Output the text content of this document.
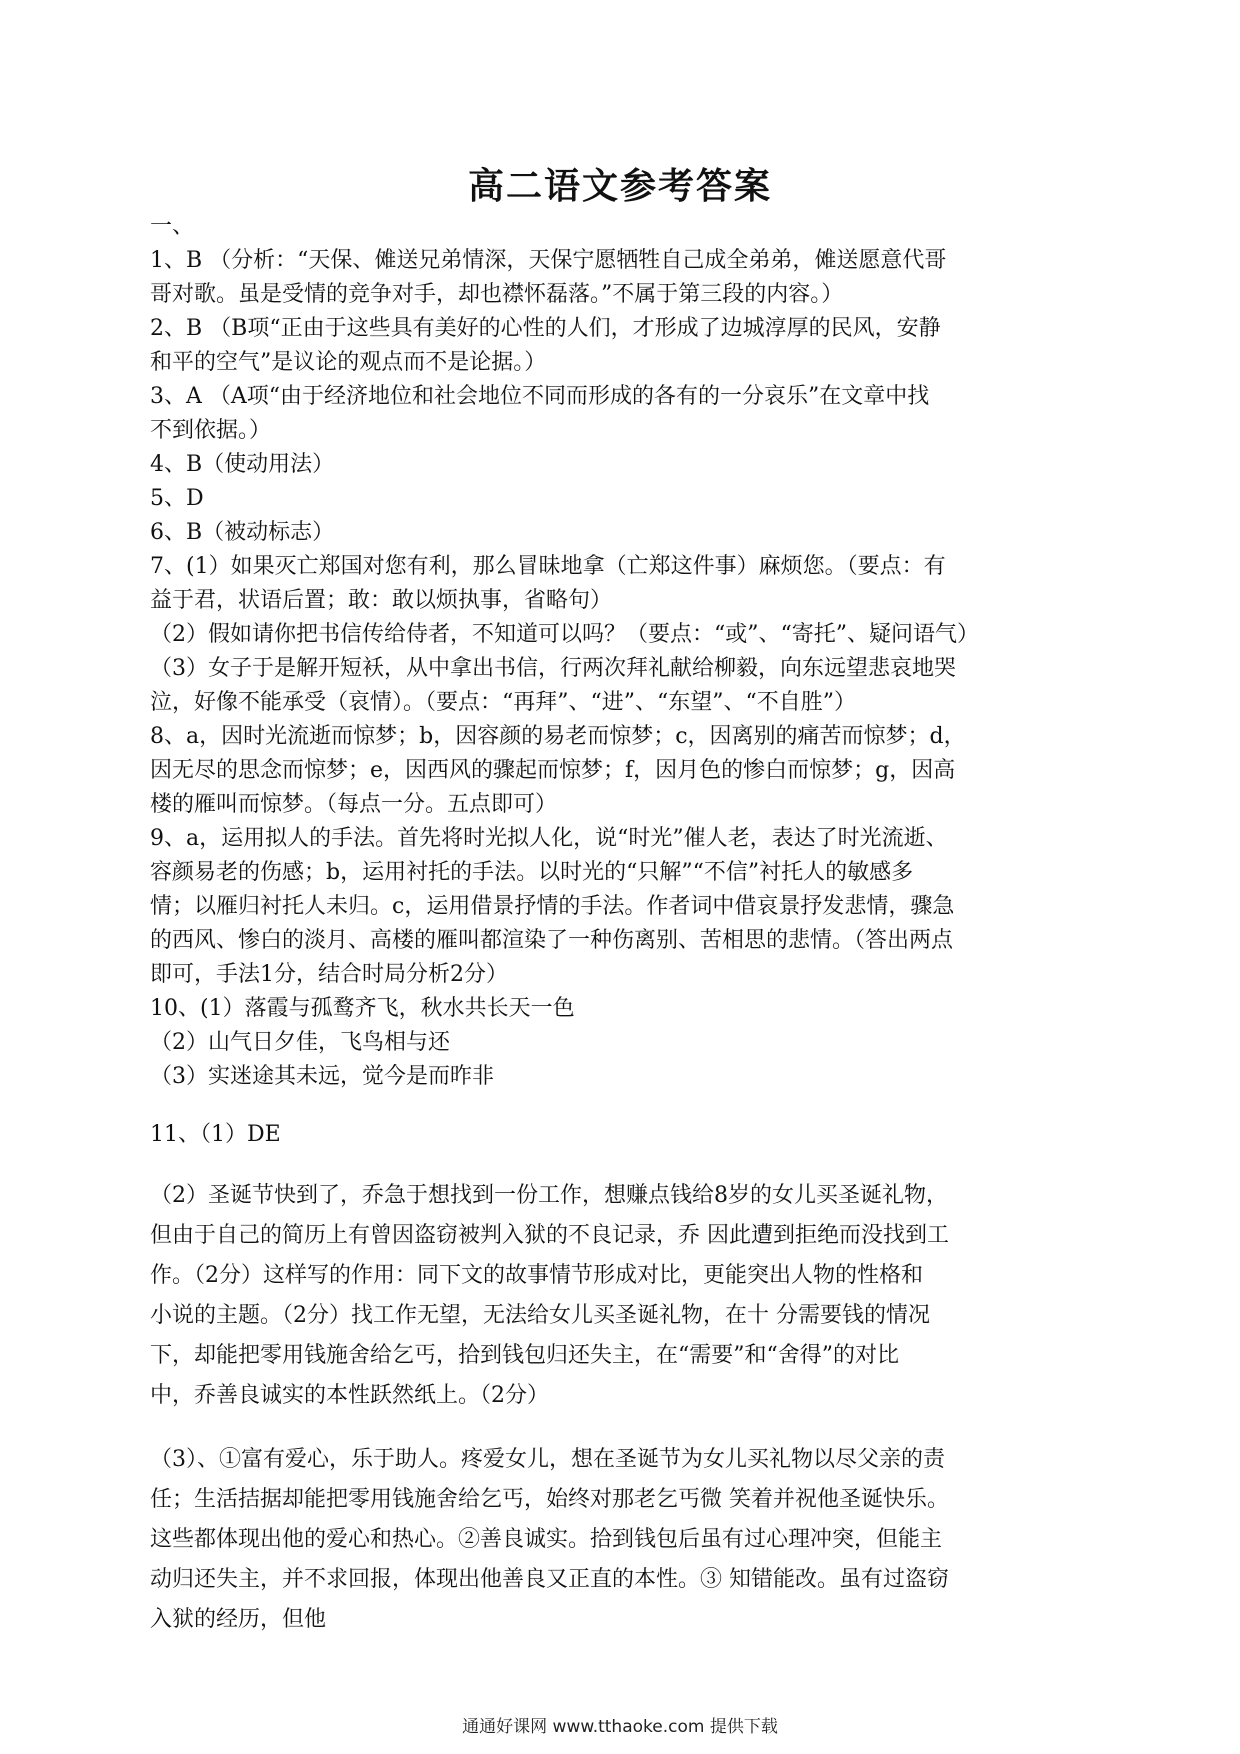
高二语文参考答案

一、

1、B （分析：“天保、傩送兄弟情深，天保宁愿牺牲自己成全弟弟，傩送愿意代哥

哥对歌。虽是受情的竞争对手，却也襟怀磊落。”不属于第三段的内容。）

2、B （B项“正由于这些具有美好的心性的人们，才形成了边城淳厚的民风，安静

和平的空气”是议论的观点而不是论据。）

3、A （A项“由于经济地位和社会地位不同而形成的各有的一分哀乐”在文章中找

不到依据。）

4、B（使动用法）

5、D

6、B（被动标志）

7、(1）如果灭亡郑国对您有利，那么冒昧地拿（亡郑这件事）麻烦您。（要点：有

益于君，状语后置；敢：敢以烦执事，省略句）

（2）假如请你把书信传给侍者，不知道可以吗？（要点：“或”、“寄托”、疑问语气）

（3）女子于是解开短袄，从中拿出书信，行两次拜礼献给柳毅，向东远望悲哀地哭

泣，好像不能承受（哀情）。（要点：“再拜”、“进”、“东望”、“不自胜”）

8、a，因时光流逝而惊梦；b，因容颜的易老而惊梦；c，因离别的痛苦而惊梦；d，

因无尽的思念而惊梦；e，因西风的骤起而惊梦；f，因月色的惨白而惊梦；g，因高

楼的雁叫而惊梦。（每点一分。五点即可）

9、a，运用拟人的手法。首先将时光拟人化，说“时光”催人老，表达了时光流逝、

容颜易老的伤感；b，运用衬托的手法。以时光的“只解”“不信”衬托人的敏感多

情；以雁归衬托人未归。c，运用借景抒情的手法。作者词中借哀景抒发悲情，骤急

的西风、惨白的淡月、高楼的雁叫都渲染了一种伤离别、苦相思的悲情。（答出两点

即可，手法1分，结合时局分析2分）

10、(1）落霞与孤鹜齐飞，秋水共长天一色

（2）山气日夕佳，飞鸟相与还

（3）实迷途其未远，觉今是而昨非

11、（1）DE

（2）圣诞节快到了，乔急于想找到一份工作，想赚点钱给8岁的女儿买圣诞礼物，

但由于自己的简历上有曾因盗窃被判入狱的不良记录，乔 因此遭到拒绝而没找到工

作。（2分）这样写的作用：同下文的故事情节形成对比，更能突出人物的性格和

小说的主题。（2分）找工作无望，无法给女儿买圣诞礼物，在十 分需要钱的情况

下，却能把零用钱施舍给乞丐，拾到钱包归还失主，在“需要”和“舍得”的对比

中，乔善良诚实的本性跃然纸上。（2分）

（3）、①富有爱心，乐于助人。疼爱女儿，想在圣诞节为女儿买礼物以尽父亲的责

任；生活拮据却能把零用钱施舍给乞丐，始终对那老乞丐微 笑着并祝他圣诞快乐。

这些都体现出他的爱心和热心。②善良诚实。拾到钱包后虽有过心理冲突，但能主

动归还失主，并不求回报，体现出他善良又正直的本性。③ 知错能改。虽有过盗窃

入狱的经历，但他

通通好课网 www.tthaoke.com 提供下载
